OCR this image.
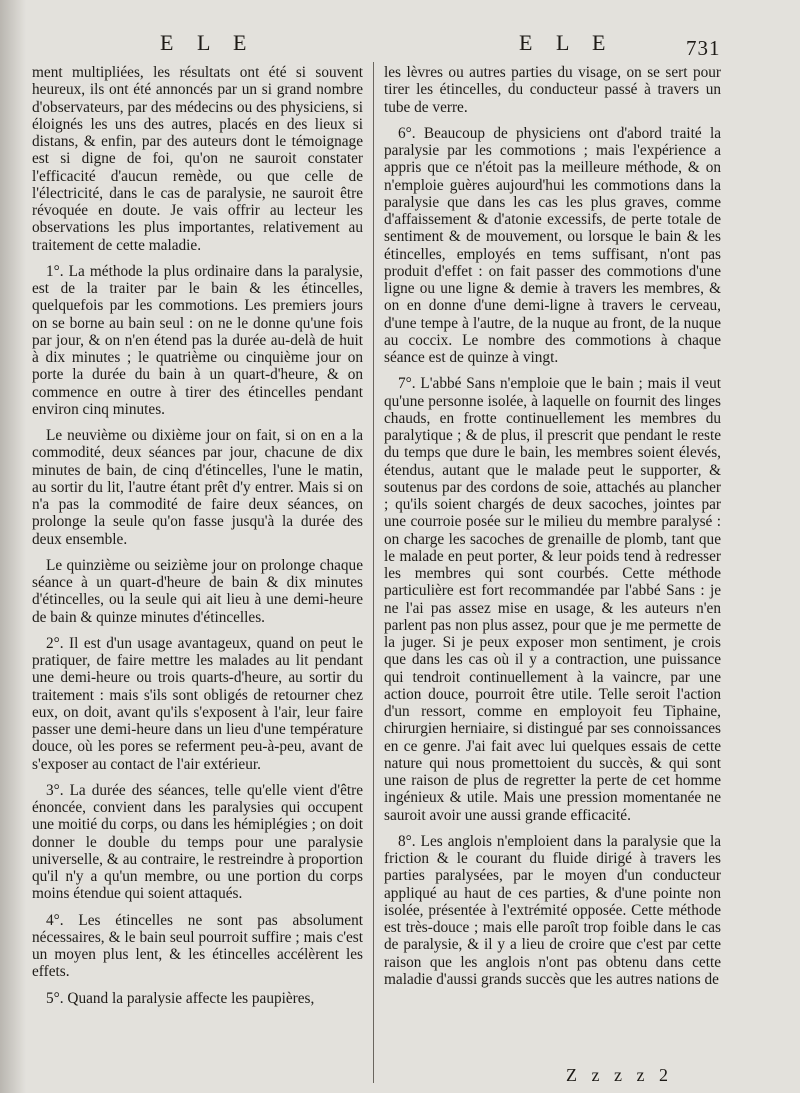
E L E	E L E	731

ment multipliées, les résultats ont été si souvent heureux, ils ont été annoncés par un si grand nombre d'observateurs, par des médecins ou des physiciens, si éloignés les uns des autres, placés en des lieux si distans, & enfin, par des auteurs dont le témoignage est si digne de foi, qu'on ne sauroit constater l'efficacité d'aucun remède, ou que celle de l'électricité, dans le cas de paralysie, ne sauroit être révoquée en doute. Je vais offrir au lecteur les observations les plus importantes, relativement au traitement de cette maladie.

1°. La méthode la plus ordinaire dans la paralysie, est de la traiter par le bain & les étincelles, quelquefois par les commotions. Les premiers jours on se borne au bain seul : on ne le donne qu'une fois par jour, & on n'en étend pas la durée au-delà de huit à dix minutes ; le quatrième ou cinquième jour on porte la durée du bain à un quart-d'heure, & on commence en outre à tirer des étincelles pendant environ cinq minutes.

Le neuvième ou dixième jour on fait, si on en a la commodité, deux séances par jour, chacune de dix minutes de bain, de cinq d'étincelles, l'une le matin, au sortir du lit, l'autre étant prêt d'y entrer. Mais si on n'a pas la commodité de faire deux séances, on prolonge la seule qu'on fasse jusqu'à la durée des deux ensemble.

Le quinzième ou seizième jour on prolonge chaque séance à un quart-d'heure de bain & dix minutes d'étincelles, ou la seule qui ait lieu à une demi-heure de bain & quinze minutes d'étincelles.

2°. Il est d'un usage avantageux, quand on peut le pratiquer, de faire mettre les malades au lit pendant une demi-heure ou trois quarts-d'heure, au sortir du traitement : mais s'ils sont obligés de retourner chez eux, on doit, avant qu'ils s'exposent à l'air, leur faire passer une demi-heure dans un lieu d'une température douce, où les pores se referment peu-à-peu, avant de s'exposer au contact de l'air extérieur.

3°. La durée des séances, telle qu'elle vient d'être énoncée, convient dans les paralysies qui occupent une moitié du corps, ou dans les hémiplégies ; on doit donner le double du temps pour une paralysie universelle, & au contraire, le restreindre à proportion qu'il n'y a qu'un membre, ou une portion du corps moins étendue qui soient attaqués.

4°. Les étincelles ne sont pas absolument nécessaires, & le bain seul pourroit suffire ; mais c'est un moyen plus lent, & les étincelles accélèrent les effets.

5°. Quand la paralysie affecte les paupières,

les lèvres ou autres parties du visage, on se sert pour tirer les étincelles, du conducteur passé à travers un tube de verre.

6°. Beaucoup de physiciens ont d'abord traité la paralysie par les commotions ; mais l'expérience a appris que ce n'étoit pas la meilleure méthode, & on n'emploie guères aujourd'hui les commotions dans la paralysie que dans les cas les plus graves, comme d'affaissement & d'atonie excessifs, de perte totale de sentiment & de mouvement, ou lorsque le bain & les étincelles, employés en tems suffisant, n'ont pas produit d'effet : on fait passer des commotions d'une ligne ou une ligne & demie à travers les membres, & on en donne d'une demi-ligne à travers le cerveau, d'une tempe à l'autre, de la nuque au front, de la nuque au coccix. Le nombre des commotions à chaque séance est de quinze à vingt.

7°. L'abbé Sans n'emploie que le bain ; mais il veut qu'une personne isolée, à laquelle on fournit des linges chauds, en frotte continuellement les membres du paralytique ; & de plus, il prescrit que pendant le reste du temps que dure le bain, les membres soient élevés, étendus, autant que le malade peut le supporter, & soutenus par des cordons de soie, attachés au plancher ; qu'ils soient chargés de deux sacoches, jointes par une courroie posée sur le milieu du membre paralysé : on charge les sacoches de grenaille de plomb, tant que le malade en peut porter, & leur poids tend à redresser les membres qui sont courbés. Cette méthode particulière est fort recommandée par l'abbé Sans : je ne l'ai pas assez mise en usage, & les auteurs n'en parlent pas non plus assez, pour que je me permette de la juger. Si je peux exposer mon sentiment, je crois que dans les cas où il y a contraction, une puissance qui tendroit continuellement à la vaincre, par une action douce, pourroit être utile. Telle seroit l'action d'un ressort, comme en employoit feu Tiphaine, chirurgien herniaire, si distingué par ses connoissances en ce genre. J'ai fait avec lui quelques essais de cette nature qui nous promettoient du succès, & qui sont une raison de plus de regretter la perte de cet homme ingénieux & utile. Mais une pression momentanée ne sauroit avoir une aussi grande efficacité.

8°. Les anglois n'emploient dans la paralysie que la friction & le courant du fluide dirigé à travers les parties paralysées, par le moyen d'un conducteur appliqué au haut de ces parties, & d'une pointe non isolée, présentée à l'extrémité opposée. Cette méthode est très-douce ; mais elle paroît trop foible dans le cas de paralysie, & il y a lieu de croire que c'est par cette raison que les anglois n'ont pas obtenu dans cette maladie d'aussi grands succès que les autres nations de

Z z z z 2
